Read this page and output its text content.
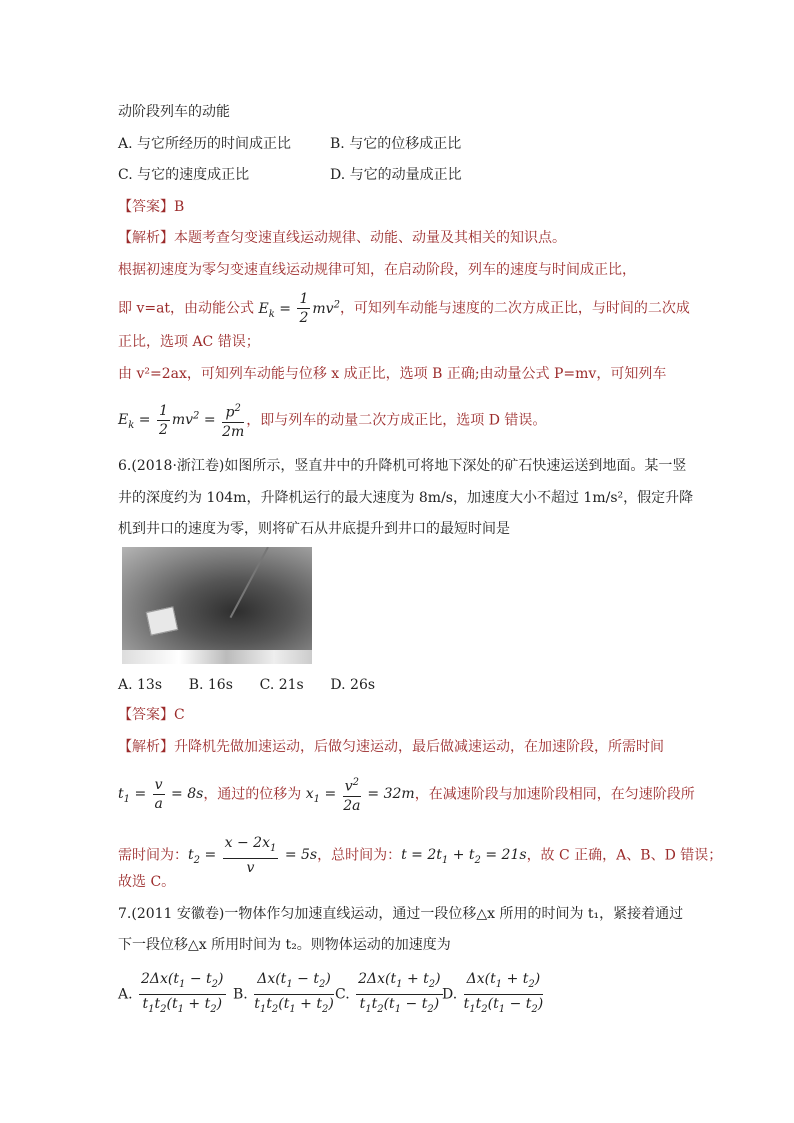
动阶段列车的动能
A. 与它所经历的时间成正比	B. 与它的位移成正比
C. 与它的速度成正比	D. 与它的动量成正比
【答案】B
【解析】本题考查匀变速直线运动规律、动能、动量及其相关的知识点。
根据初速度为零匀变速直线运动规律可知，在启动阶段，列车的速度与时间成正比，
即 v=at，由动能公式 $E_k = \frac{1}{2} mv^2$，可知列车动能与速度的二次方成正比，与时间的二次成
正比，选项 AC 错误；
由 v²=2ax，可知列车动能与位移 x 成正比，选项 B 正确;由动量公式 P=mv，可知列车
$E_k = \frac{1}{2} mv^2 = \frac{p^2}{2m}$ ，即与列车的动量二次方成正比，选项 D 错误。
6.(2018·浙江卷)如图所示，竖直井中的升降机可将地下深处的矿石快速运送到地面。某一竖
井的深度约为 104m，升降机运行的最大速度为 8m/s，加速度大小不超过 1m/s²，假定升降
机到井口的速度为零，则将矿石从井底提升到井口的最短时间是
A. 13s      B. 16s      C. 21s      D. 26s
【答案】C
【解析】升降机先做加速运动，后做匀速运动，最后做减速运动，在加速阶段，所需时间
$t_1 = \frac{v}{a} = 8s$，通过的位移为 $x_1 = \frac{v^2}{2a} = 32m$，在减速阶段与加速阶段相同，在匀速阶段所
需时间为：$t_2 = \frac{x - 2x_1}{v} = 5s$，总时间为：$t = 2t_1 + t_2 = 21s$，故 C 正确，A、B、D 错误；
故选 C。
7.(2011 安徽卷)一物体作匀加速直线运动，通过一段位移△x 所用的时间为 t₁，紧接着通过
下一段位移△x 所用时间为 t₂。则物体运动的加速度为
A. $\frac{2\Delta x(t_1 - t_2)}{t_1t_2(t_1 + t_2)} B$. $\frac{\Delta x(t_1 - t_2)}{t_1t_2(t_1 + t_2)} C$. $\frac{2\Delta x(t_1 + t_2)}{t_1t_2(t_1 - t_2)} D$. $\frac{\Delta x(t_1 + t_2)}{t_1t_2(t_1 - t_2)}$
